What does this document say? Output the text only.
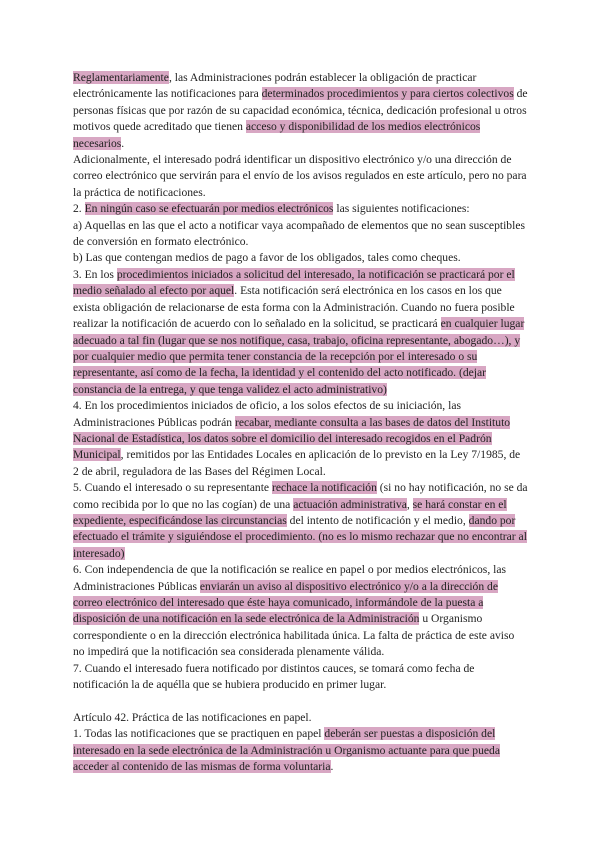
Reglamentariamente, las Administraciones podrán establecer la obligación de practicar electrónicamente las notificaciones para determinados procedimientos y para ciertos colectivos de personas físicas que por razón de su capacidad económica, técnica, dedicación profesional u otros motivos quede acreditado que tienen acceso y disponibilidad de los medios electrónicos necesarios.

Adicionalmente, el interesado podrá identificar un dispositivo electrónico y/o una dirección de correo electrónico que servirán para el envío de los avisos regulados en este artículo, pero no para la práctica de notificaciones.

2. En ningún caso se efectuarán por medios electrónicos las siguientes notificaciones:

a) Aquellas en las que el acto a notificar vaya acompañado de elementos que no sean susceptibles de conversión en formato electrónico.

b) Las que contengan medios de pago a favor de los obligados, tales como cheques.

3. En los procedimientos iniciados a solicitud del interesado, la notificación se practicará por el medio señalado al efecto por aquel. Esta notificación será electrónica en los casos en los que exista obligación de relacionarse de esta forma con la Administración. Cuando no fuera posible realizar la notificación de acuerdo con lo señalado en la solicitud, se practicará en cualquier lugar adecuado a tal fin (lugar que se nos notifique, casa, trabajo, oficina representante, abogado…), y por cualquier medio que permita tener constancia de la recepción por el interesado o su representante, así como de la fecha, la identidad y el contenido del acto notificado. (dejar constancia de la entrega, y que tenga validez el acto administrativo)

4. En los procedimientos iniciados de oficio, a los solos efectos de su iniciación, las Administraciones Públicas podrán recabar, mediante consulta a las bases de datos del Instituto Nacional de Estadística, los datos sobre el domicilio del interesado recogidos en el Padrón Municipal, remitidos por las Entidades Locales en aplicación de lo previsto en la Ley 7/1985, de 2 de abril, reguladora de las Bases del Régimen Local.

5. Cuando el interesado o su representante rechace la notificación (si no hay notificación, no se da como recibida por lo que no las cogían) de una actuación administrativa, se hará constar en el expediente, especificándose las circunstancias del intento de notificación y el medio, dando por efectuado el trámite y siguiéndose el procedimiento. (no es lo mismo rechazar que no encontrar al interesado)

6. Con independencia de que la notificación se realice en papel o por medios electrónicos, las Administraciones Públicas enviarán un aviso al dispositivo electrónico y/o a la dirección de correo electrónico del interesado que éste haya comunicado, informándole de la puesta a disposición de una notificación en la sede electrónica de la Administración u Organismo correspondiente o en la dirección electrónica habilitada única. La falta de práctica de este aviso no impedirá que la notificación sea considerada plenamente válida.

7. Cuando el interesado fuera notificado por distintos cauces, se tomará como fecha de notificación la de aquélla que se hubiera producido en primer lugar.

Artículo 42. Práctica de las notificaciones en papel.

1. Todas las notificaciones que se practiquen en papel deberán ser puestas a disposición del interesado en la sede electrónica de la Administración u Organismo actuante para que pueda acceder al contenido de las mismas de forma voluntaria.
